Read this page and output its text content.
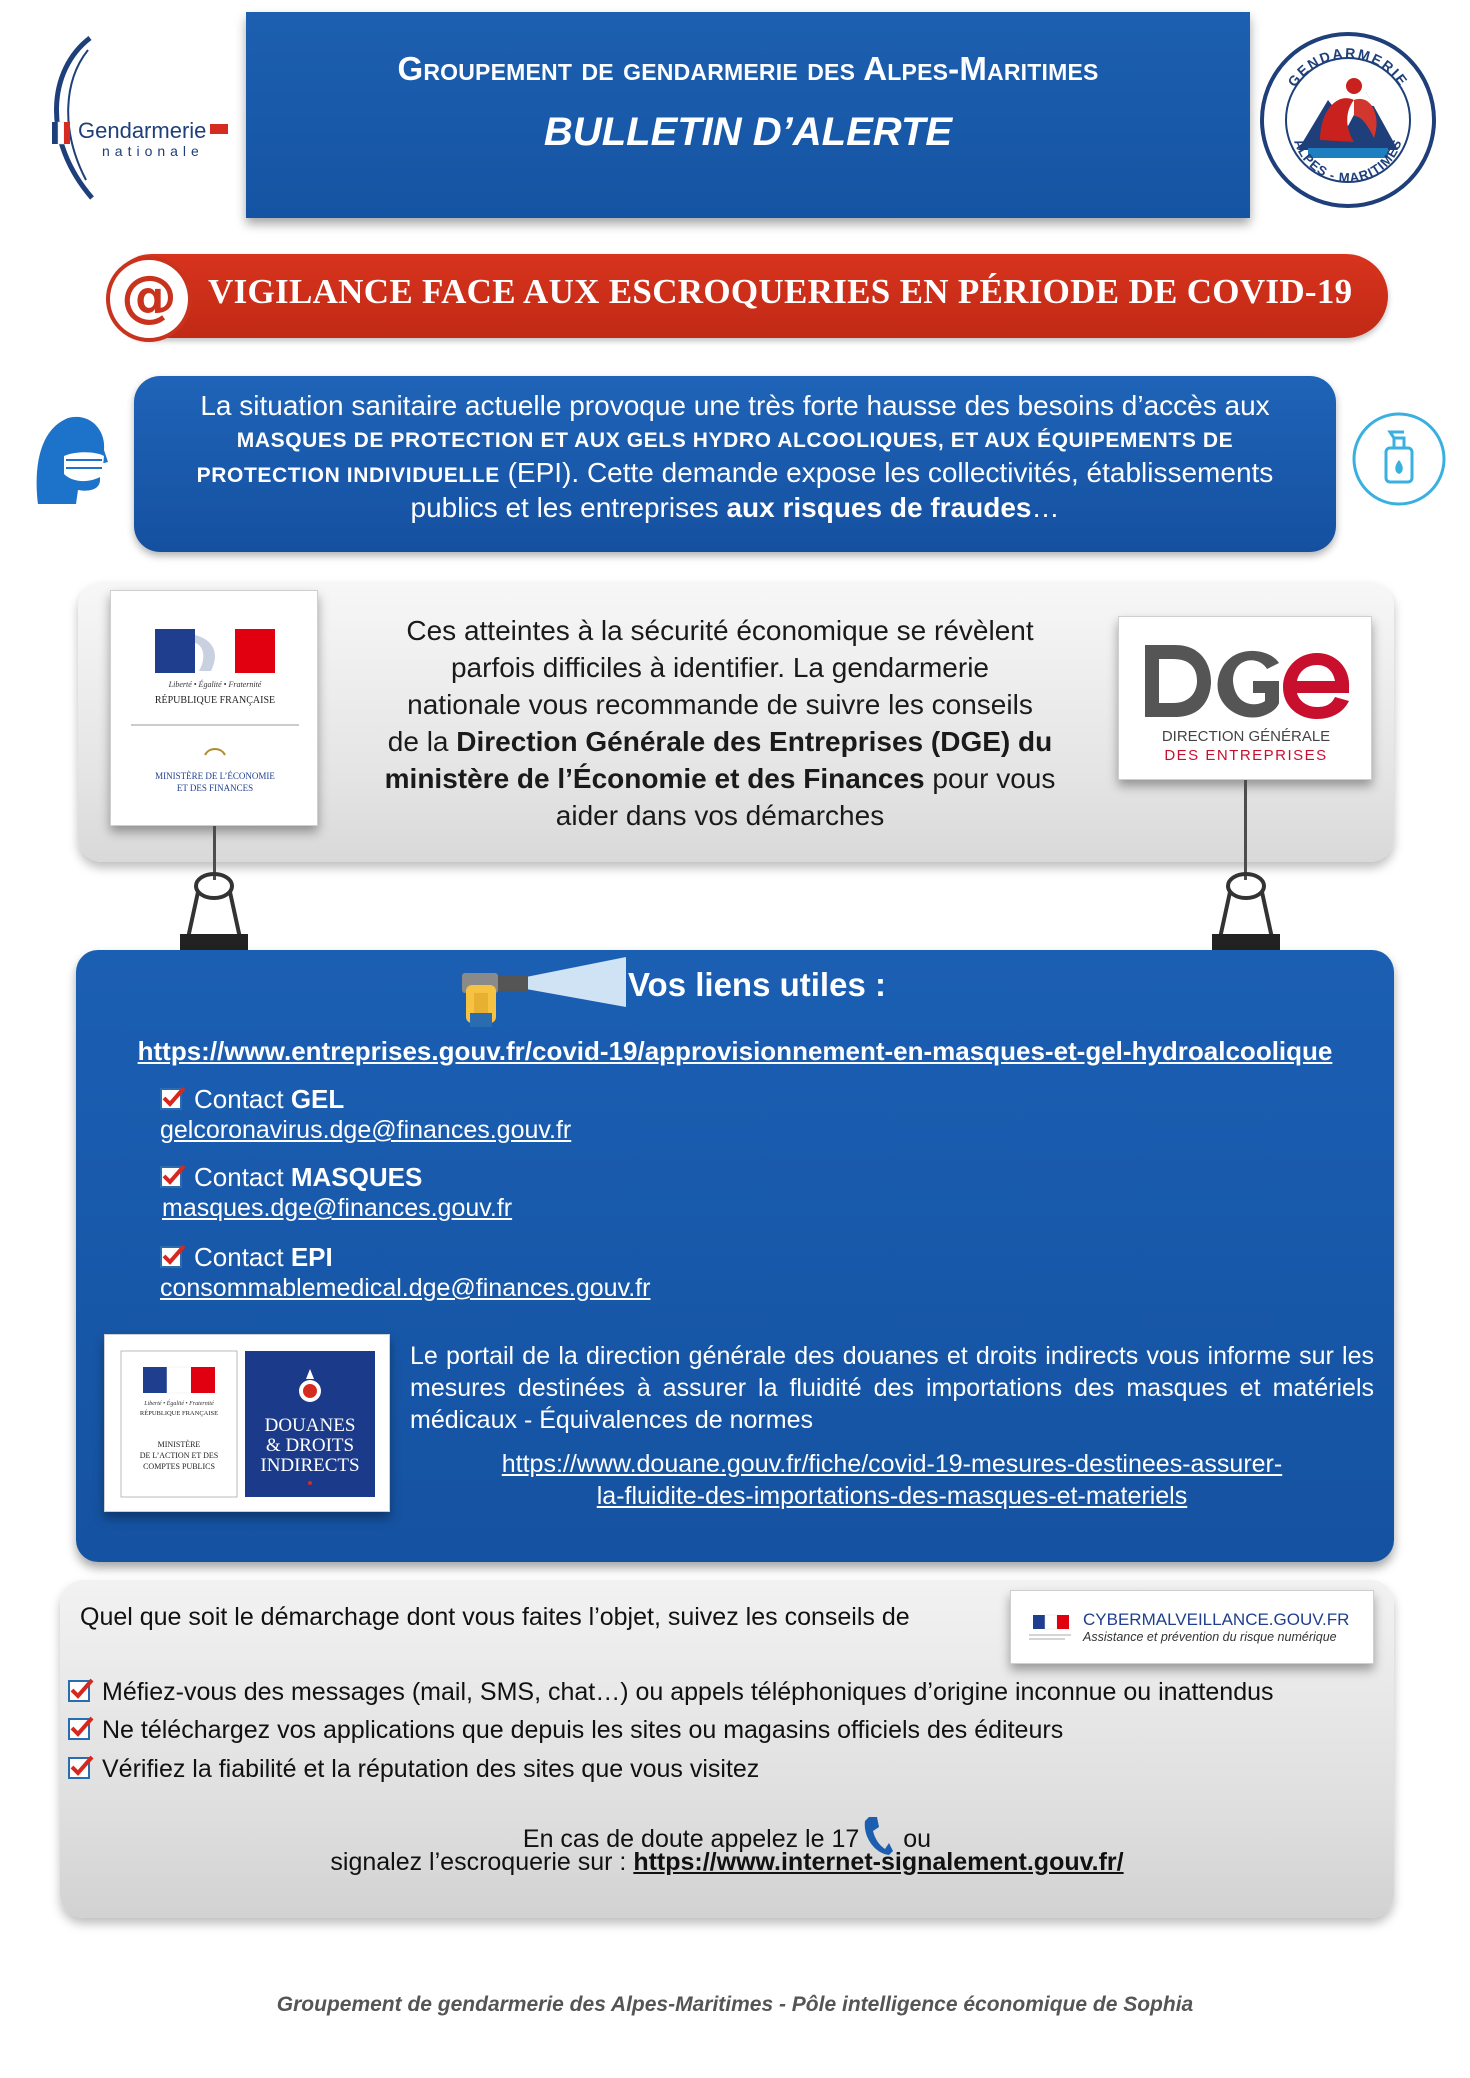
Gendarmerie
nationale
Groupement de gendarmerie des Alpes-Maritimes
BULLETIN D’ALERTE
GENDARMERIE
ALPES - MARITIMES
@ VIGILANCE FACE AUX ESCROQUERIES EN PÉRIODE DE COVID-19
La situation sanitaire actuelle provoque une très forte hausse des besoins d’accès aux
MASQUES DE PROTECTION ET AUX GELS HYDRO ALCOOLIQUES, ET AUX ÉQUIPEMENTS DE
PROTECTION INDIVIDUELLE (EPI). Cette demande expose les collectivités, établissements
publics et les entreprises aux risques de fraudes…
Liberté • Égalité • Fraternité
RÉPUBLIQUE FRANÇAISE
MINISTÈRE DE L’ÉCONOMIE
ET DES FINANCES
Ces atteintes à la sécurité économique se révèlent
parfois difficiles à identifier. La gendarmerie
nationale vous recommande de suivre les conseils
de la Direction Générale des Entreprises (DGE) du
ministère de l’Économie et des Finances pour vous
aider dans vos démarches
DIRECTION GÉNÉRALE
DES ENTREPRISES
Vos liens utiles :
https://www.entreprises.gouv.fr/covid-19/approvisionnement-en-masques-et-gel-hydroalcoolique
Contact GEL
gelcoronavirus.dge@finances.gouv.fr
Contact MASQUES
masques.dge@finances.gouv.fr
Contact EPI
consommablemedical.dge@finances.gouv.fr
Liberté • Égalité • Fraternité
RÉPUBLIQUE FRANÇAISE
MINISTÈRE
DE L’ACTION ET DES
COMPTES PUBLICS
DOUANES
& DROITS
INDIRECTS
Le portail de la direction générale des douanes et droits indirects vous informe sur les mesures destinées à assurer la fluidité des importations des masques et matériels médicaux - Équivalences de normes
https://www.douane.gouv.fr/fiche/covid-19-mesures-destinees-assurer-
la-fluidite-des-importations-des-masques-et-materiels
Quel que soit le démarchage dont vous faites l’objet, suivez les conseils de	CYBERMALVEILLANCE.GOUV.FR
Assistance et prévention du risque numérique
Méfiez-vous des messages (mail, SMS, chat…) ou appels téléphoniques d’origine inconnue ou inattendus
Ne téléchargez vos applications que depuis les sites ou magasins officiels des éditeurs
Vérifiez la fiabilité et la réputation des sites que vous visitez
En cas de doute appelez le 17 ou
signalez l’escroquerie sur : https://www.internet-signalement.gouv.fr/
Groupement de gendarmerie des Alpes-Maritimes - Pôle intelligence économique de Sophia
